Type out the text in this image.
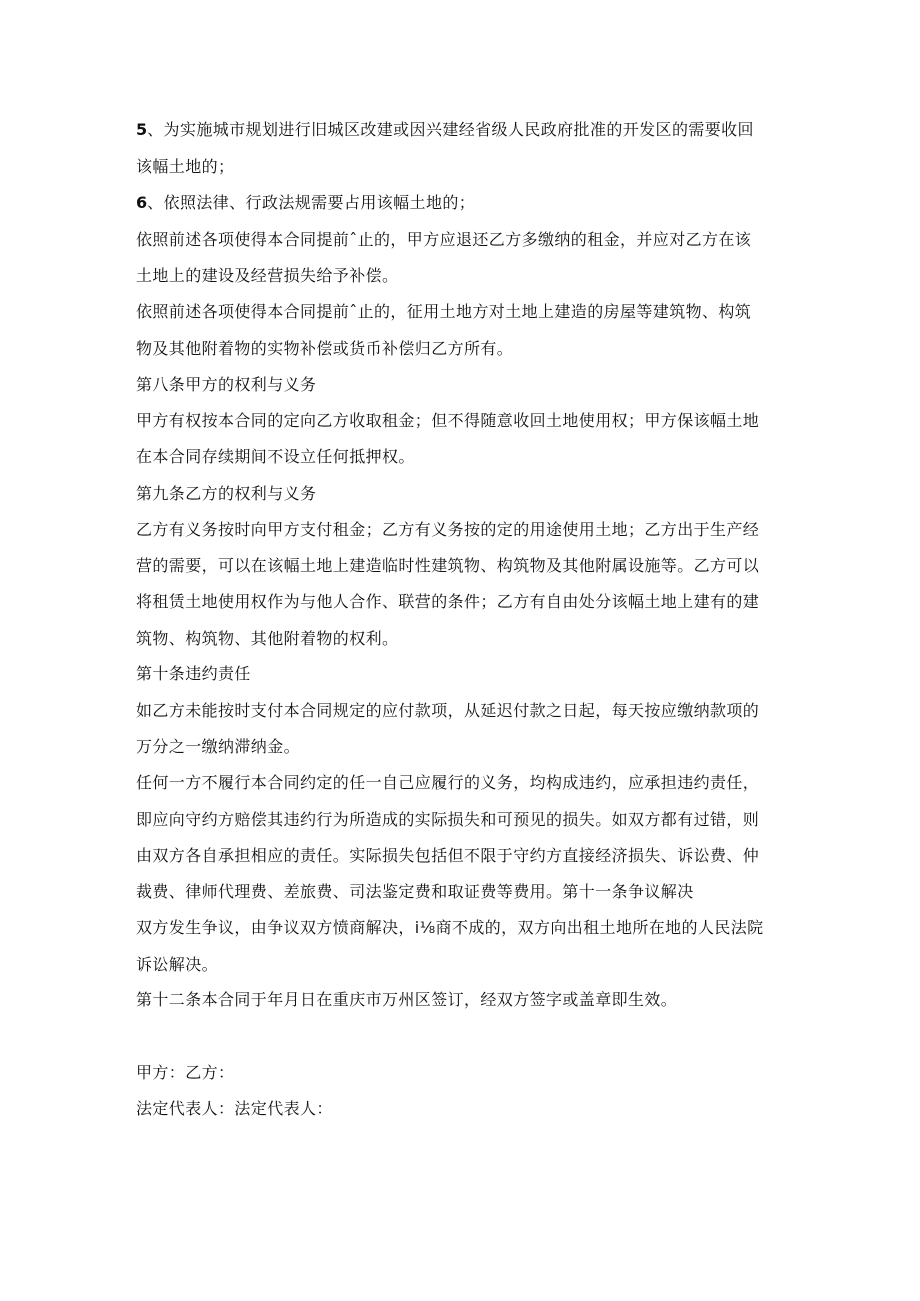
5、为实施城市规划进行旧城区改建或因兴建经省级人民政府批准的开发区的需要收回
该幅土地的；
6、依照法律、行政法规需要占用该幅土地的；
依照前述各项使得本合同提前ˆ止的，甲方应退还乙方多缴纳的租金，并应对乙方在该
土地上的建设及经营损失给予补偿。
依照前述各项使得本合同提前ˆ止的，征用土地方对土地上建造的房屋等建筑物、构筑
物及其他附着物的实物补偿或货币补偿归乙方所有。
第八条甲方的权利与义务
甲方有权按本合同的定向乙方收取租金；但不得随意收回土地使用权；甲方保该幅土地
在本合同存续期间不设立任何抵押权。
第九条乙方的权利与义务
乙方有义务按时向甲方支付租金；乙方有义务按的定的用途使用土地；乙方出于生产经
营的需要，可以在该幅土地上建造临时性建筑物、构筑物及其他附属设施等。乙方可以
将租赁土地使用权作为与他人合作、联营的条件；乙方有自由处分该幅土地上建有的建
筑物、构筑物、其他附着物的权利。
第十条违约责任
如乙方未能按时支付本合同规定的应付款项，从延迟付款之日起，每天按应缴纳款项的
万分之一缴纳滞纳金。
任何一方不履行本合同约定的任一自己应履行的义务，均构成违约，应承担违约责任，
即应向守约方赔偿其违约行为所造成的实际损失和可预见的损失。如双方都有过错，则
由双方各自承担相应的责任。实际损失包括但不限于守约方直接经济损失、诉讼费、仲
裁费、律师代理费、差旅费、司法鉴定费和取证费等费用。第十一条争议解决
双方发生争议，由争议双方愤商解决，i⅛商不成的，双方向出租土地所在地的人民法院
诉讼解决。
第十二条本合同于年月日在重庆市万州区签订，经双方签字或盖章即生效。
甲方：乙方：
法定代表人：法定代表人：
